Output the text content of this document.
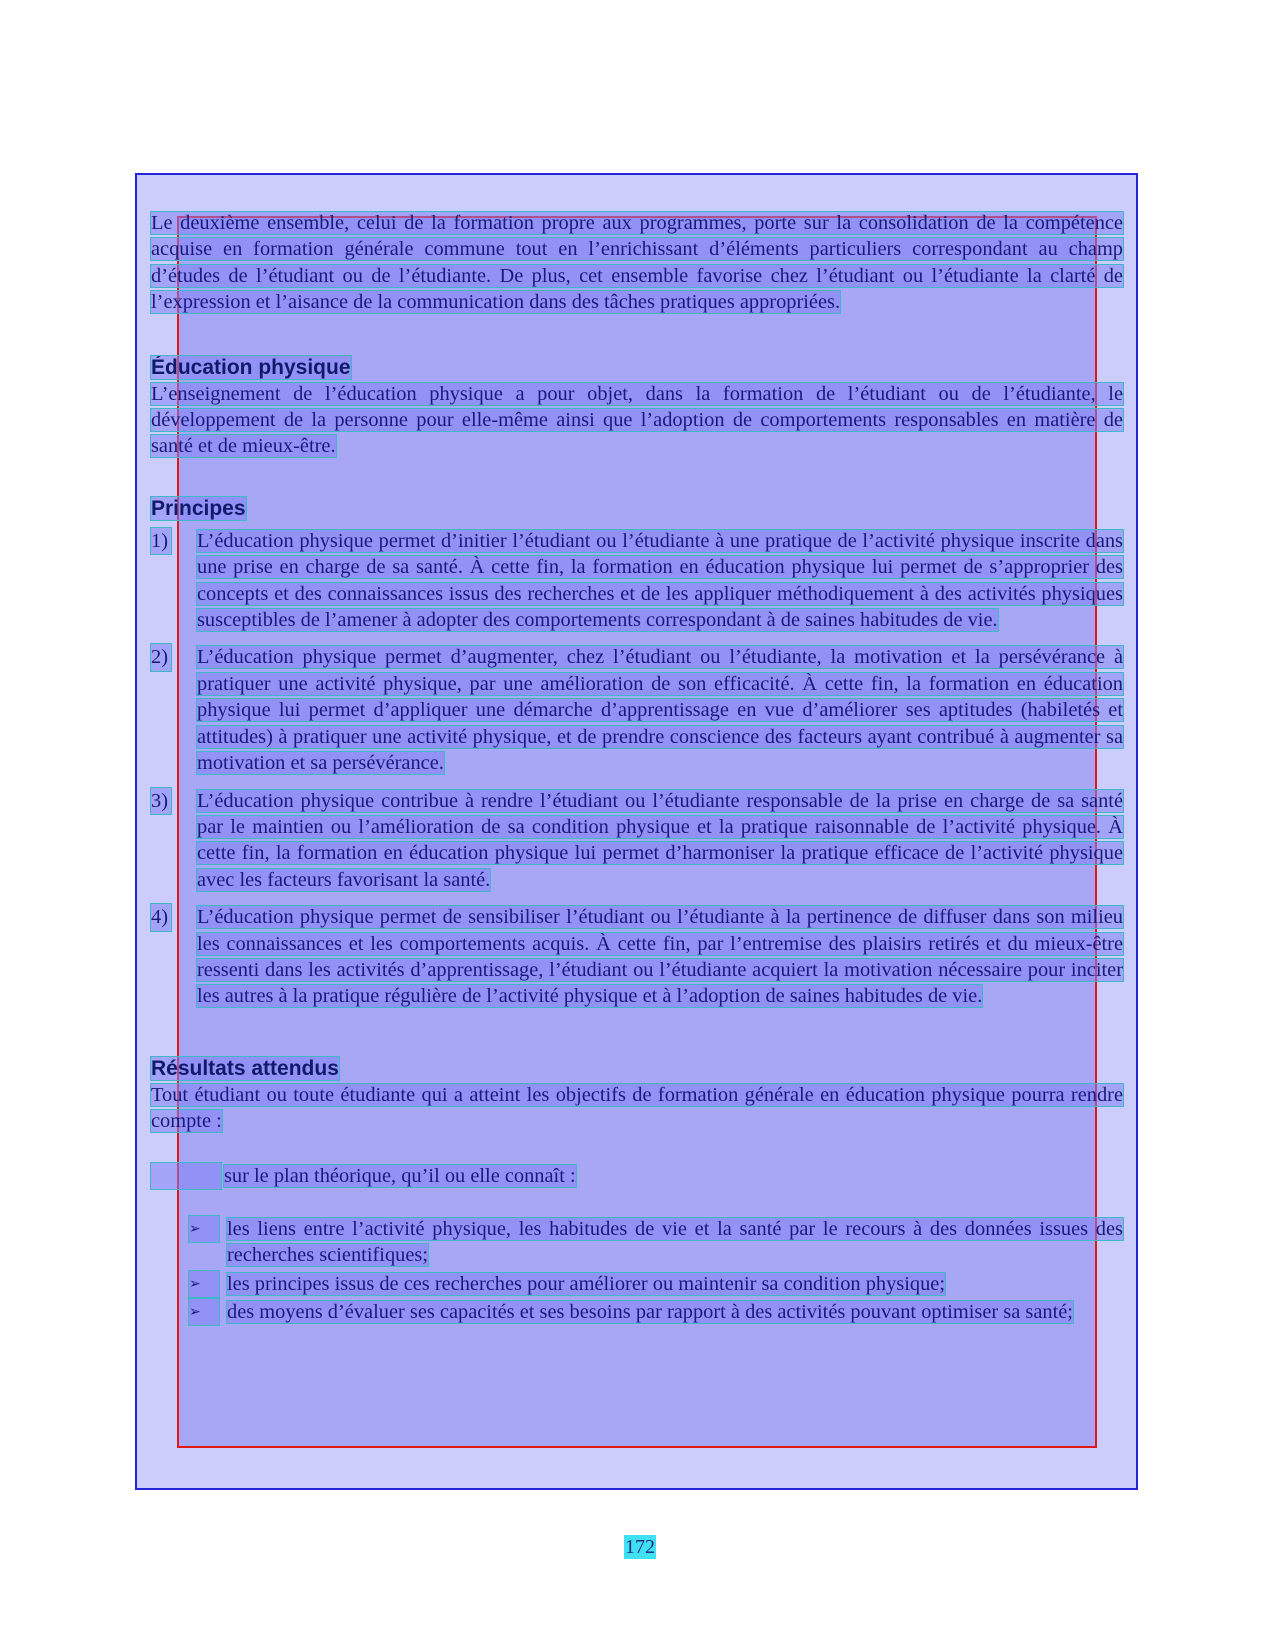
Le deuxième ensemble, celui de la formation propre aux programmes, porte sur la consolidation de la compétence acquise en formation générale commune tout en l’enrichissant d’éléments particuliers correspondant au champ d’études de l’étudiant ou de l’étudiante. De plus, cet ensemble favorise chez l’étudiant ou l’étudiante la clarté de l’expression et l’aisance de la communication dans des tâches pratiques appropriées.

Éducation physique

L’enseignement de l’éducation physique a pour objet, dans la formation de l’étudiant ou de l’étudiante, le développement de la personne pour elle-même ainsi que l’adoption de comportements responsables en matière de santé et de mieux-être.

Principes
1) L’éducation physique permet d’initier l’étudiant ou l’étudiante à une pratique de l’activité physique inscrite dans une prise en charge de sa santé. À cette fin, la formation en éducation physique lui permet de s’approprier des concepts et des connaissances issus des recherches et de les appliquer méthodiquement à des activités physiques susceptibles de l’amener à adopter des comportements correspondant à de saines habitudes de vie.

2) L’éducation physique permet d’augmenter, chez l’étudiant ou l’étudiante, la motivation et la persévérance à pratiquer une activité physique, par une amélioration de son efficacité. À cette fin, la formation en éducation physique lui permet d’appliquer une démarche d’apprentissage en vue d’améliorer ses aptitudes (habiletés et attitudes) à pratiquer une activité physique, et de prendre conscience des facteurs ayant contribué à augmenter sa motivation et sa persévérance.

3) L’éducation physique contribue à rendre l’étudiant ou l’étudiante responsable de la prise en charge de sa santé par le maintien ou l’amélioration de sa condition physique et la pratique raisonnable de l’activité physique. À cette fin, la formation en éducation physique lui permet d’harmoniser la pratique efficace de l’activité physique avec les facteurs favorisant la santé.

4) L’éducation physique permet de sensibiliser l’étudiant ou l’étudiante à la pertinence de diffuser dans son milieu les connaissances et les comportements acquis. À cette fin, par l’entremise des plaisirs retirés et du mieux-être ressenti dans les activités d’apprentissage, l’étudiant ou l’étudiante acquiert la motivation nécessaire pour inciter les autres à la pratique régulière de l’activité physique et à l’adoption de saines habitudes de vie.

Résultats attendus

Tout étudiant ou toute étudiante qui a atteint les objectifs de formation générale en éducation physique pourra rendre compte :

sur le plan théorique, qu’il ou elle connaît :
➢	les liens entre l’activité physique, les habitudes de vie et la santé par le recours à des données issues des recherches scientifiques;
➢	les principes issus de ces recherches pour améliorer ou maintenir sa condition physique;
➢	des moyens d’évaluer ses capacités et ses besoins par rapport à des activités pouvant optimiser sa santé;
172
